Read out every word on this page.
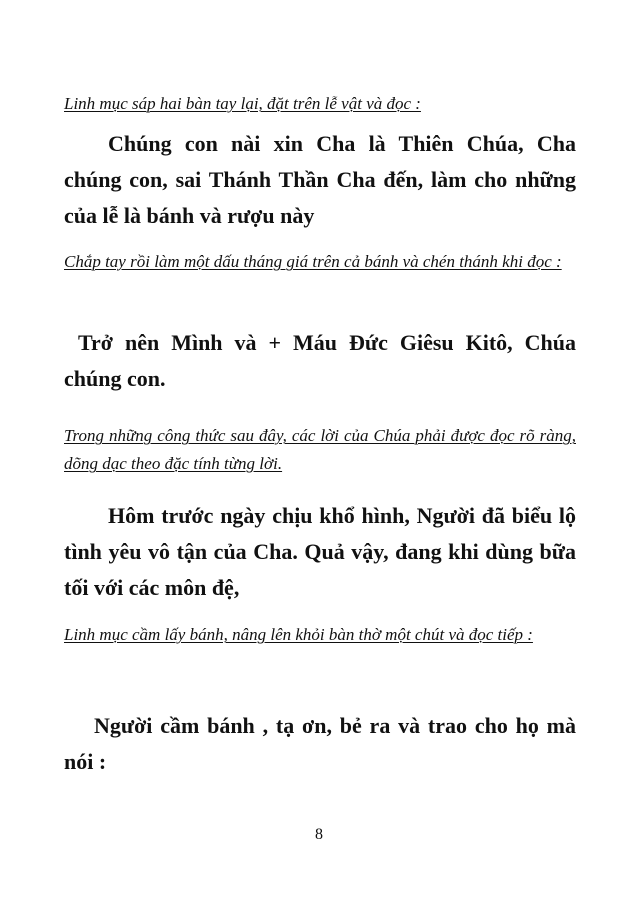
Linh mục sáp hai bàn tay lại, đặt trên lễ vật và đọc :

Chúng con nài xin Cha là Thiên Chúa, Cha chúng con, sai Thánh Thần Cha đến, làm cho những của lễ là bánh và rượu này

Chắp tay rồi làm một dấu tháng giá trên cả bánh và chén thánh khi đọc :

Trở nên Mình và + Máu Đức Giêsu Kitô, Chúa chúng con.

Trong những công thức sau đây, các lời của Chúa phải được đọc rõ ràng, dõng dạc theo đặc tính từng lời.

Hôm trước ngày chịu khổ hình, Người đã biểu lộ tình yêu vô tận của Cha. Quả vậy, đang khi dùng bữa tối với các môn đệ,

Linh mục cầm lấy bánh, nâng lên khỏi bàn thờ một chút và đọc tiếp :

Người cầm bánh , tạ ơn, bẻ ra và trao cho họ mà nói :

8
